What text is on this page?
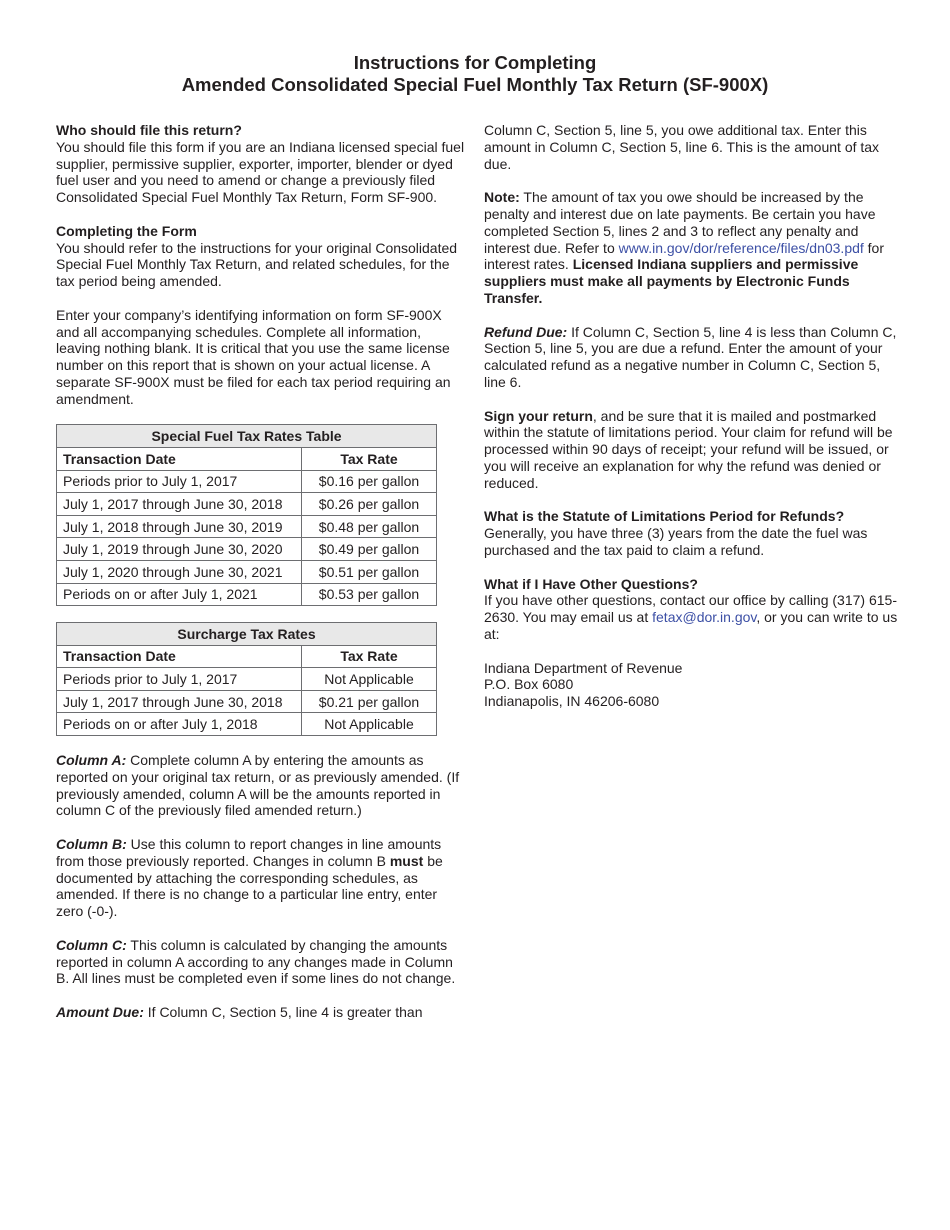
Instructions for Completing
Amended Consolidated Special Fuel Monthly Tax Return (SF-900X)

Who should file this return?
You should file this form if you are an Indiana licensed special fuel supplier, permissive supplier, exporter, importer, blender or dyed fuel user and you need to amend or change a previously filed Consolidated Special Fuel Monthly Tax Return, Form SF-900.

Completing the Form
You should refer to the instructions for your original Consolidated Special Fuel Monthly Tax Return, and related schedules, for the tax period being amended.

Enter your company’s identifying information on form SF-900X and all accompanying schedules. Complete all information, leaving nothing blank. It is critical that you use the same license number on this report that is shown on your actual license. A separate SF-900X must be filed for each tax period requiring an amendment.

Special Fuel Tax Rates Table	
Transaction Date	Tax Rate
Periods prior to July 1, 2017	$0.16 per gallon
July 1, 2017 through June 30, 2018	$0.26 per gallon
July 1, 2018 through June 30, 2019	$0.48 per gallon
July 1, 2019 through June 30, 2020	$0.49 per gallon
July 1, 2020 through June 30, 2021	$0.51 per gallon
Periods on or after July 1, 2021	$0.53 per gallon
Surcharge Tax Rates	
Transaction Date	Tax Rate
Periods prior to July 1, 2017	Not Applicable
July 1, 2017 through June 30, 2018	$0.21 per gallon
Periods on or after July 1, 2018	Not Applicable

Column A: Complete column A by entering the amounts as reported on your original tax return, or as previously amended. (If previously amended, column A will be the amounts reported in column C of the previously filed amended return.)

Column B: Use this column to report changes in line amounts from those previously reported. Changes in column B must be documented by attaching the corresponding schedules, as amended. If there is no change to a particular line entry, enter zero (-0-).

Column C: This column is calculated by changing the amounts reported in column A according to any changes made in Column B. All lines must be completed even if some lines do not change.

Amount Due: If Column C, Section 5, line 4 is greater than

Column C, Section 5, line 5, you owe additional tax. Enter this amount in Column C, Section 5, line 6. This is the amount of tax due.

Note: The amount of tax you owe should be increased by the penalty and interest due on late payments. Be certain you have completed Section 5, lines 2 and 3 to reflect any penalty and interest due. Refer to www.in.gov/dor/reference/files/dn03.pdf for interest rates. Licensed Indiana suppliers and permissive suppliers must make all payments by Electronic Funds Transfer.

Refund Due: If Column C, Section 5, line 4 is less than Column C, Section 5, line 5, you are due a refund. Enter the amount of your calculated refund as a negative number in Column C, Section 5, line 6.

Sign your return, and be sure that it is mailed and postmarked within the statute of limitations period. Your claim for refund will be processed within 90 days of receipt; your refund will be issued, or you will receive an explanation for why the refund was denied or reduced.

What is the Statute of Limitations Period for Refunds?
Generally, you have three (3) years from the date the fuel was purchased and the tax paid to claim a refund.

What if I Have Other Questions?
If you have other questions, contact our office by calling (317) 615-2630. You may email us at fetax@dor.in.gov, or you can write to us at:

Indiana Department of Revenue
P.O. Box 6080
Indianapolis, IN 46206-6080
